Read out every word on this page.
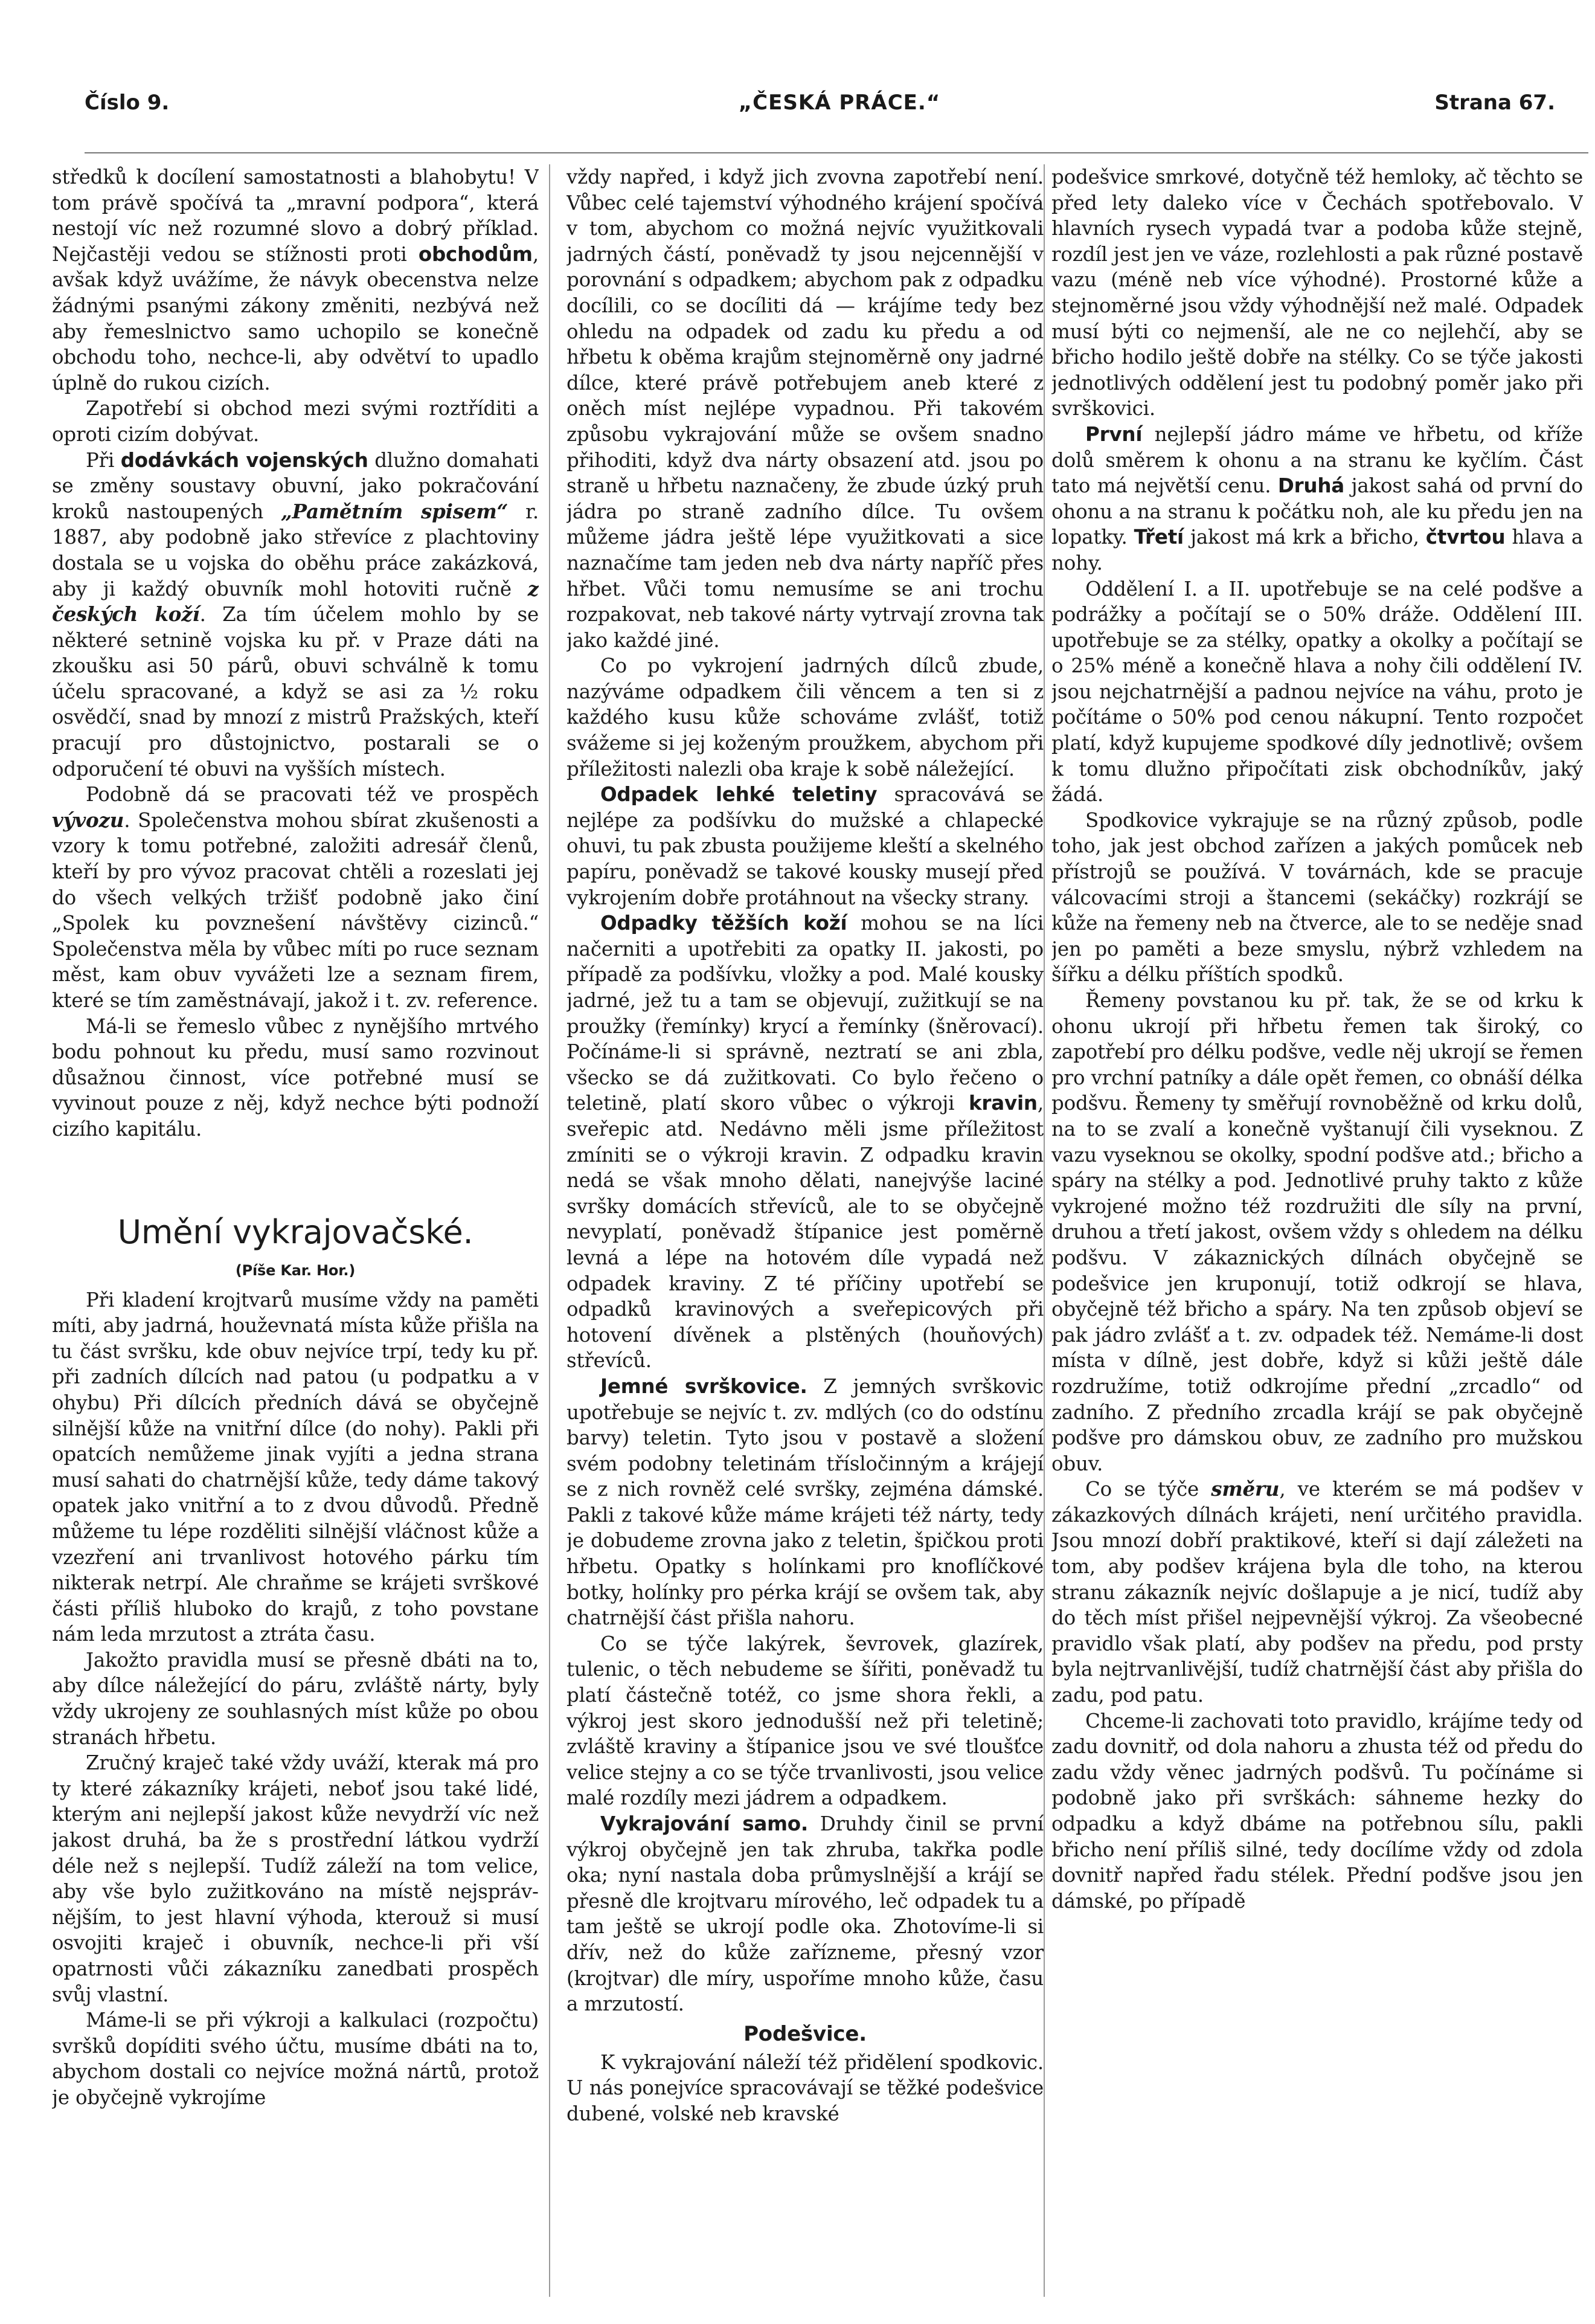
Číslo 9.	„ČESKÁ PRÁCE.“	Strana 67.

středků k docílení samostatnosti a blahobytu! V tom právě spočívá ta „mravní podpora“, která nestojí víc než rozumné slovo a dobrý příklad. Nejčastěji vedou se stížnosti proti obchodům, avšak když uvážíme, že návyk obecenstva nelze žádnými psanými zákony změniti, nezbývá než aby řemeslnictvo samo uchopilo se konečně obchodu toho, nechce-li, aby odvětví to upadlo úplně do rukou cizích.

Zapotřebí si obchod mezi svými roztříditi a oproti cizím dobývat.

Při dodávkách vojenských dlužno domahati se změny soustavy obuvní, jako pokračování kroků nastoupených „Pamětním spisem“ r. 1887, aby podobně jako střevíce z plachtoviny dostala se u vojska do oběhu práce zakázková, aby ji každý obuvník mohl hotoviti ručně z českých koží. Za tím účelem mohlo by se některé setnině vojska ku př. v Praze dáti na zkoušku asi 50 párů, obuvi schválně k tomu účelu spracované, a když se asi za ½ roku osvědčí, snad by mnozí z mistrů Pražských, kteří pracují pro důstojnictvo, postarali se o odporučení té obuvi na vyšších místech.

Podobně dá se pracovati též ve prospěch vývozu. Společenstva mohou sbírat zkušenosti a vzory k tomu potřebné, založiti adresář členů, kteří by pro vývoz pracovat chtěli a rozeslati jej do všech velkých tržišť podobně jako činí „Spolek ku povznešení návštěvy cizinců.“ Společenstva měla by vůbec míti po ruce seznam měst, kam obuv vyvážeti lze a seznam firem, které se tím zaměstnávají, jakož i t. zv. reference.

Má-li se řemeslo vůbec z nynějšího mrtvého bodu pohnout ku předu, musí samo rozvinout důsažnou činnost, více potřebné musí se vyvinout pouze z něj, když nechce býti podnoží cizího kapitálu.

Umění vykrajovačské.
(Píše Kar. Hor.)

Při kladení krojtvarů musíme vždy na paměti míti, aby jadrná, houževnatá místa kůže přišla na tu část svršku, kde obuv nejvíce trpí, tedy ku př. při zadních dílcích nad patou (u podpatku a v ohybu) Při dílcích předních dává se obyčejně silnější kůže na vnitřní dílce (do nohy). Pakli při opatcích nemůžeme jinak vyjíti a jedna strana musí sahati do chatrnější kůže, tedy dáme takový opatek jako vnitřní a to z dvou důvodů. Předně můžeme tu lépe rozděliti silnější vláčnost kůže a vzezření ani trvanlivost hotového párku tím nikterak netrpí. Ale chraňme se krájeti svrškové části příliš hluboko do krajů, z toho povstane nám leda mrzutost a ztráta času.

Jakožto pravidla musí se přesně dbáti na to, aby dílce náležející do páru, zvláště nárty, byly vždy ukrojeny ze souhlasných míst kůže po obou stranách hřbetu.

Zručný kraječ také vždy uváží, kterak má pro ty které zákazníky krájeti, neboť jsou také lidé, kterým ani nejlepší jakost kůže nevydrží víc než jakost druhá, ba že s prostřední látkou vydrží déle než s nejlepší. Tudíž záleží na tom velice, aby vše bylo zužitkováno na místě nejsprávnějším, to jest hlavní výhoda, kterouž si musí osvojiti kraječ i obuvník, nechce-li při vší opatrnosti vůči zákazníku zanedbati prospěch svůj vlastní.

Máme-li se při výkroji a kalkulaci (rozpočtu) svršků dopíditi svého účtu, musíme dbáti na to, abychom dostali co nejvíce možná nártů, protož je obyčejně vykrojíme

vždy napřed, i když jich zvovna zapotřebí není. Vůbec celé tajemství výhodného krájení spočívá v tom, abychom co možná nejvíc využitkovali jadrných částí, poněvadž ty jsou nejcennější v porovnání s odpadkem; abychom pak z odpadku docílili, co se docíliti dá — krájíme tedy bez ohledu na odpadek od zadu ku předu a od hřbetu k oběma krajům stejnoměrně ony jadrné dílce, které právě potřebujem aneb které z oněch míst nejlépe vypadnou. Při takovém způsobu vykrajování může se ovšem snadno přihoditi, když dva nárty obsazení atd. jsou po straně u hřbetu naznačeny, že zbude úzký pruh jádra po straně zadního dílce. Tu ovšem můžeme jádra ještě lépe využitkovati a sice naznačíme tam jeden neb dva nárty napříč přes hřbet. Vůči tomu nemusíme se ani trochu rozpakovat, neb takové nárty vytrvají zrovna tak jako každé jiné.

Co po vykrojení jadrných dílců zbude, nazýváme odpadkem čili věncem a ten si z každého kusu kůže schováme zvlášť, totiž svážeme si jej koženým proužkem, abychom při příležitosti nalezli oba kraje k sobě náležející.

Odpadek lehké teletiny spracovává se nejlépe za podšívku do mužské a chlapecké ohuvi, tu pak zbusta použijeme kleští a skelného papíru, poněvadž se takové kousky musejí před vykrojením dobře protáhnout na všecky strany.

Odpadky těžších koží mohou se na líci načerniti a upotřebiti za opatky II. jakosti, po případě za podšívku, vložky a pod. Malé kousky jadrné, jež tu a tam se objevují, zužitkují se na proužky (řemínky) krycí a řemínky (šněrovací). Počínáme-li si správně, neztratí se ani zbla, všecko se dá zužitkovati. Co bylo řečeno o teletině, platí skoro vůbec o výkroji kravin, sveřepic atd. Nedávno měli jsme příležitost zmíniti se o výkroji kravin. Z odpadku kravin nedá se však mnoho dělati, nanejvýše laciné svršky domácích střevíců, ale to se obyčejně nevyplatí, poněvadž štípanice jest poměrně levná a lépe na hotovém díle vypadá než odpadek kraviny. Z té příčiny upotřebí se odpadků kravinových a sveřepicových při hotovení dívěnek a plstěných (houňových) střevíců.

Jemné svrškovice. Z jemných svrškovic upotřebuje se nejvíc t. zv. mdlých (co do odstínu barvy) teletin. Tyto jsou v postavě a složení svém podobny teletinám třísločinným a krájejí se z nich rovněž celé svršky, zejména dámské. Pakli z takové kůže máme krájeti též nárty, tedy je dobudeme zrovna jako z teletin, špičkou proti hřbetu. Opatky s holínkami pro knoflíčkové botky, holínky pro pérka krájí se ovšem tak, aby chatrnější část přišla nahoru.

Co se týče lakýrek, ševrovek, glazírek, tulenic, o těch nebudeme se šířiti, poněvadž tu platí částečně totéž, co jsme shora řekli, a výkroj jest skoro jednodušší než při teletině; zvláště kraviny a štípanice jsou ve své tloušťce velice stejny a co se týče trvanlivosti, jsou velice malé rozdíly mezi jádrem a odpadkem.

Vykrajování samo. Druhdy činil se první výkroj obyčejně jen tak zhruba, takřka podle oka; nyní nastala doba průmyslnější a krájí se přesně dle krojtvaru mírového, leč odpadek tu a tam ještě se ukrojí podle oka. Zhotovíme-li si dřív, než do kůže zařízneme, přesný vzor (krojtvar) dle míry, uspoříme mnoho kůže, času a mrzutostí.

Podešvice.

K vykrajování náleží též přidělení spodkovic. U nás ponejvíce spracovávají se těžké podešvice dubené, volské neb kravské

podešvice smrkové, dotyčně též hemloky, ač těchto se před lety daleko více v Čechách spotřebovalo. V hlavních rysech vypadá tvar a podoba kůže stejně, rozdíl jest jen ve váze, rozlehlosti a pak různé postavě vazu (méně neb více výhodné). Prostorné kůže a stejnoměrné jsou vždy výhodnější než malé. Odpadek musí býti co nejmenší, ale ne co nejlehčí, aby se břicho hodilo ještě dobře na stélky. Co se týče jakosti jednotlivých oddělení jest tu podobný poměr jako při svrškovici.

První nejlepší jádro máme ve hřbetu, od kříže dolů směrem k ohonu a na stranu ke kyčlím. Část tato má největší cenu. Druhá jakost sahá od první do ohonu a na stranu k počátku noh, ale ku předu jen na lopatky. Třetí jakost má krk a břicho, čtvrtou hlava a nohy.

Oddělení I. a II. upotřebuje se na celé podšve a podrážky a počítají se o 50% dráže. Oddělení III. upotřebuje se za stélky, opatky a okolky a počítají se o 25% méně a konečně hlava a nohy čili oddělení IV. jsou nejchatrnější a padnou nejvíce na váhu, proto je počítáme o 50% pod cenou nákupní. Tento rozpočet platí, když kupujeme spodkové díly jednotlivě; ovšem k tomu dlužno připočítati zisk obchodníkův, jaký žádá.

Spodkovice vykrajuje se na různý způsob, podle toho, jak jest obchod zařízen a jakých pomůcek neb přístrojů se používá. V továrnách, kde se pracuje válcovacími stroji a štancemi (sekáčky) rozkrájí se kůže na řemeny neb na čtverce, ale to se neděje snad jen po paměti a beze smyslu, nýbrž vzhledem na šířku a délku příštích spodků.

Řemeny povstanou ku př. tak, že se od krku k ohonu ukrojí při hřbetu řemen tak široký, co zapotřebí pro délku podšve, vedle něj ukrojí se řemen pro vrchní patníky a dále opět řemen, co obnáší délka podšvu. Řemeny ty směřují rovnoběžně od krku dolů, na to se zvalí a konečně vyštanují čili vyseknou. Z vazu vyseknou se okolky, spodní podšve atd.; břicho a spáry na stélky a pod. Jednotlivé pruhy takto z kůže vykrojené možno též rozdružiti dle síly na první, druhou a třetí jakost, ovšem vždy s ohledem na délku podšvu. V zákaznických dílnách obyčejně se podešvice jen kruponují, totiž odkrojí se hlava, obyčejně též břicho a spáry. Na ten způsob objeví se pak jádro zvlášť a t. zv. odpadek též. Nemáme-li dost místa v dílně, jest dobře, když si kůži ještě dále rozdružíme, totiž odkrojíme přední „zrcadlo“ od zadního. Z předního zrcadla krájí se pak obyčejně podšve pro dámskou obuv, ze zadního pro mužskou obuv.

Co se týče směru, ve kterém se má podšev v zákazkových dílnách krájeti, není určitého pravidla. Jsou mnozí dobří praktikové, kteří si dají záležeti na tom, aby podšev krájena byla dle toho, na kterou stranu zákazník nejvíc došlapuje a je nicí, tudíž aby do těch míst přišel nejpevnější výkroj. Za všeobecné pravidlo však platí, aby podšev na předu, pod prsty byla nejtrvanlivější, tudíž chatrnější část aby přišla do zadu, pod patu.

Chceme-li zachovati toto pravidlo, krájíme tedy od zadu dovnitř, od dola nahoru a zhusta též od předu do zadu vždy věnec jadrných podšvů. Tu počínáme si podobně jako při svrškách: sáhneme hezky do odpadku a když dbáme na potřebnou sílu, pakli břicho není příliš silné, tedy docílíme vždy od zdola dovnitř napřed řadu stélek. Přední podšve jsou jen dámské, po případě
